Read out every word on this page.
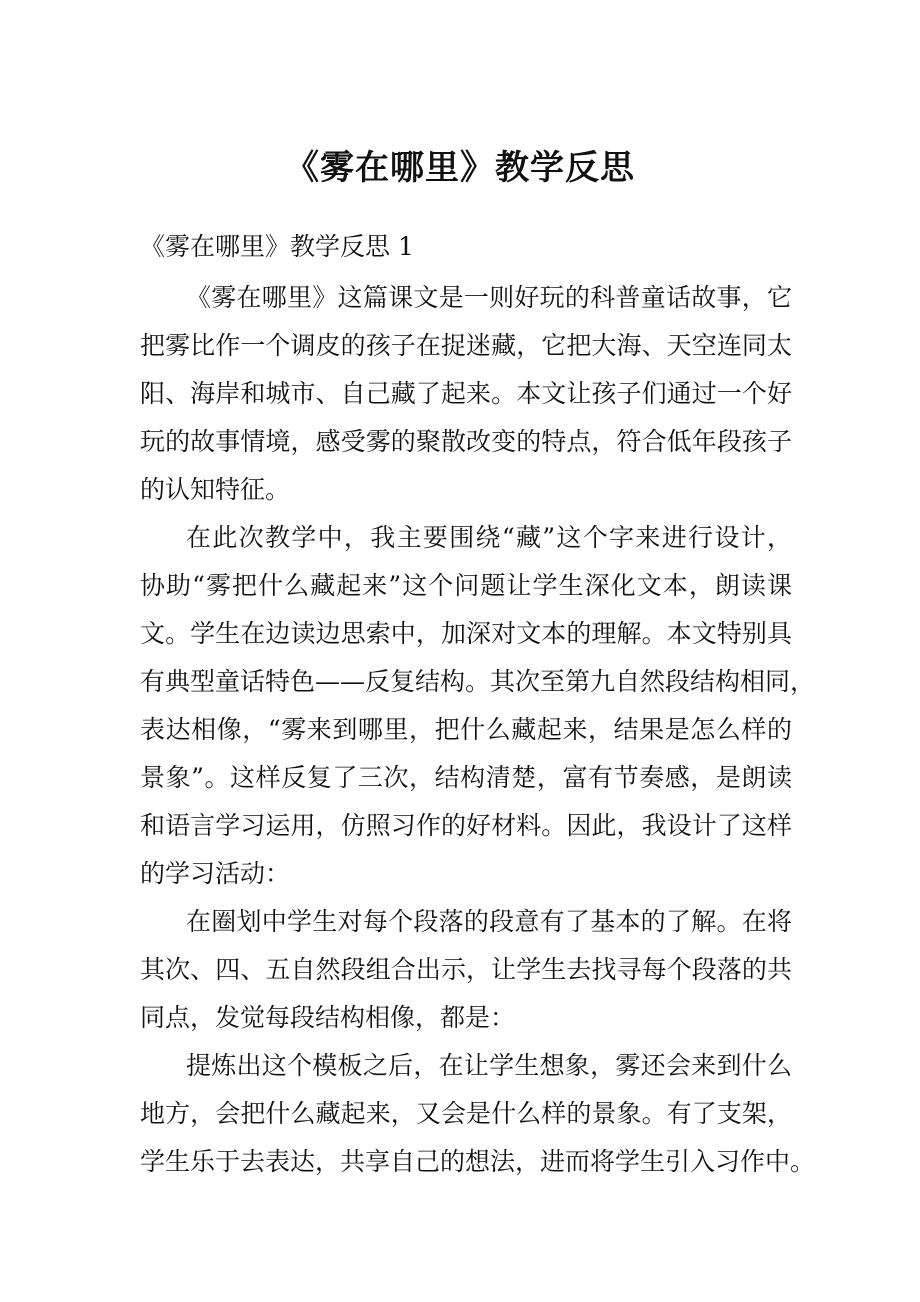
《雾在哪里》教学反思
《雾在哪里》教学反思 1
《雾在哪里》这篇课文是一则好玩的科普童话故事，它
把雾比作一个调皮的孩子在捉迷藏，它把大海、天空连同太
阳、海岸和城市、自己藏了起来。本文让孩子们通过一个好
玩的故事情境，感受雾的聚散改变的特点，符合低年段孩子
的认知特征。
在此次教学中，我主要围绕“藏”这个字来进行设计，
协助“雾把什么藏起来”这个问题让学生深化文本，朗读课
文。学生在边读边思索中，加深对文本的理解。本文特别具
有典型童话特色——反复结构。其次至第九自然段结构相同，
表达相像，“雾来到哪里，把什么藏起来，结果是怎么样的
景象”。这样反复了三次，结构清楚，富有节奏感，是朗读
和语言学习运用，仿照习作的好材料。因此，我设计了这样
的学习活动：
在圈划中学生对每个段落的段意有了基本的了解。在将
其次、四、五自然段组合出示，让学生去找寻每个段落的共
同点，发觉每段结构相像，都是：
提炼出这个模板之后，在让学生想象，雾还会来到什么
地方，会把什么藏起来，又会是什么样的景象。有了支架，
学生乐于去表达，共享自己的想法，进而将学生引入习作中。
